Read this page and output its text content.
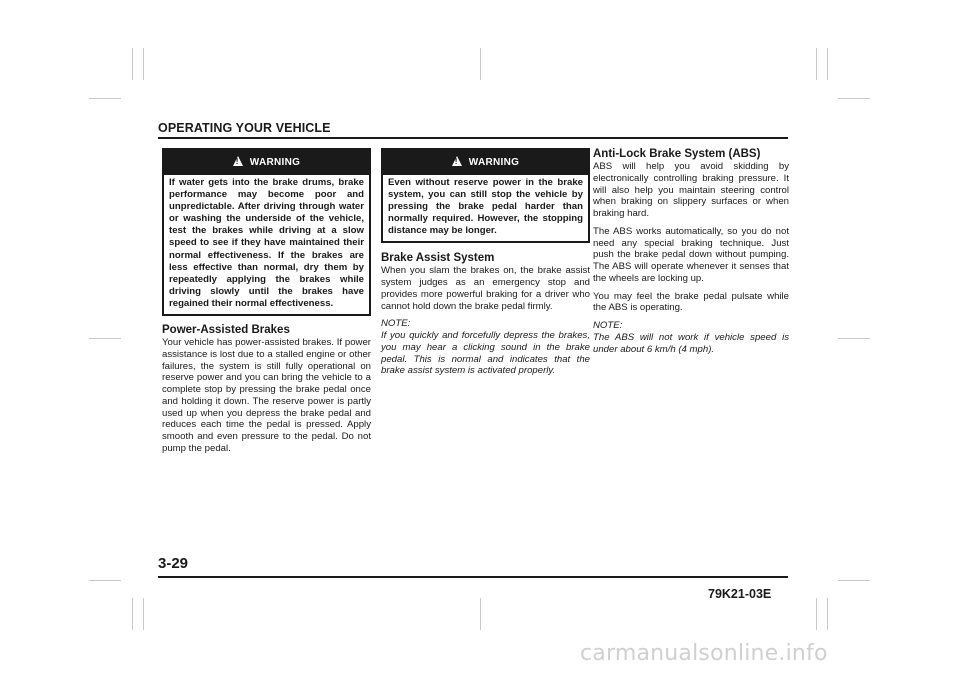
OPERATING YOUR VEHICLE
!WARNING
If water gets into the brake drums, brake performance may become poor and unpredictable. After driving through water or washing the underside of the vehicle, test the brakes while driving at a slow speed to see if they have maintained their normal effectiveness. If the brakes are less effective than normal, dry them by repeatedly applying the brakes while driving slowly until the brakes have regained their normal effectiveness.
Power-Assisted Brakes

Your vehicle has power-assisted brakes. If power assistance is lost due to a stalled engine or other failures, the system is still fully operational on reserve power and you can bring the vehicle to a complete stop by pressing the brake pedal once and holding it down. The reserve power is partly used up when you depress the brake pedal and reduces each time the pedal is pressed. Apply smooth and even pressure to the pedal. Do not pump the pedal.

!WARNING
Even without reserve power in the brake system, you can still stop the vehicle by pressing the brake pedal harder than normally required. However, the stopping distance may be longer.
Brake Assist System

When you slam the brakes on, the brake assist system judges as an emergency stop and provides more powerful braking for a driver who cannot hold down the brake pedal firmly.

NOTE:

If you quickly and forcefully depress the brakes, you may hear a clicking sound in the brake pedal. This is normal and indicates that the brake assist system is activated properly.

Anti-Lock Brake System (ABS)

ABS will help you avoid skidding by electronically controlling braking pressure. It will also help you maintain steering control when braking on slippery surfaces or when braking hard.

The ABS works automatically, so you do not need any special braking technique. Just push the brake pedal down without pumping. The ABS will operate whenever it senses that the wheels are locking up.

You may feel the brake pedal pulsate while the ABS is operating.

NOTE:

The ABS will not work if vehicle speed is under about 6 km/h (4 mph).

3-29
79K21-03E
carmanualsonline.info
